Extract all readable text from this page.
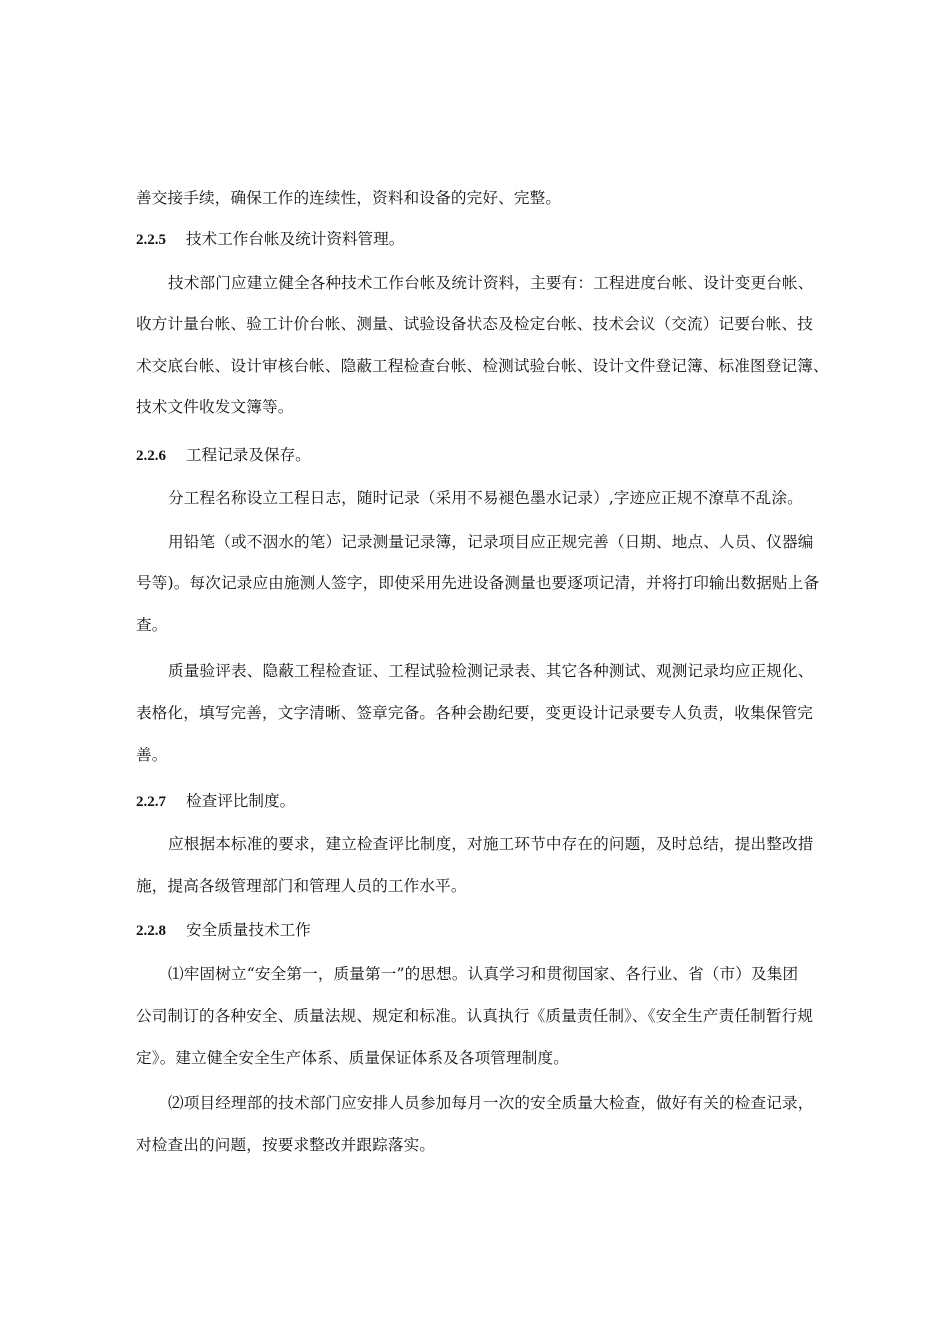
善交接手续，确保工作的连续性，资料和设备的完好、完整。
2.2.5 技术工作台帐及统计资料管理。
技术部门应建立健全各种技术工作台帐及统计资料，主要有：工程进度台帐、设计变更台帐、
收方计量台帐、验工计价台帐、测量、试验设备状态及检定台帐、技术会议（交流）记要台帐、技
术交底台帐、设计审核台帐、隐蔽工程检查台帐、检测试验台帐、设计文件登记簿、标准图登记簿、
技术文件收发文簿等。
2.2.6 工程记录及保存。
分工程名称设立工程日志，随时记录（采用不易褪色墨水记录）,字迹应正规不潦草不乱涂。
用铅笔（或不洇水的笔）记录测量记录簿，记录项目应正规完善（日期、地点、人员、仪器编
号等)。每次记录应由施测人签字，即使采用先进设备测量也要逐项记清，并将打印输出数据贴上备
查。
质量验评表、隐蔽工程检查证、工程试验检测记录表、其它各种测试、观测记录均应正规化、
表格化，填写完善，文字清晰、签章完备。各种会勘纪要，变更设计记录要专人负责，收集保管完
善。
2.2.7 检查评比制度。
应根据本标准的要求，建立检查评比制度，对施工环节中存在的问题，及时总结，提出整改措
施，提高各级管理部门和管理人员的工作水平。
2.2.8 安全质量技术工作
⑴牢固树立“安全第一，质量第一”的思想。认真学习和贯彻国家、各行业、省（市）及集团
公司制订的各种安全、质量法规、规定和标准。认真执行《质量责任制》、《安全生产责任制暂行规
定》。建立健全安全生产体系、质量保证体系及各项管理制度。
⑵项目经理部的技术部门应安排人员参加每月一次的安全质量大检查，做好有关的检查记录，
对检查出的问题，按要求整改并跟踪落实。
